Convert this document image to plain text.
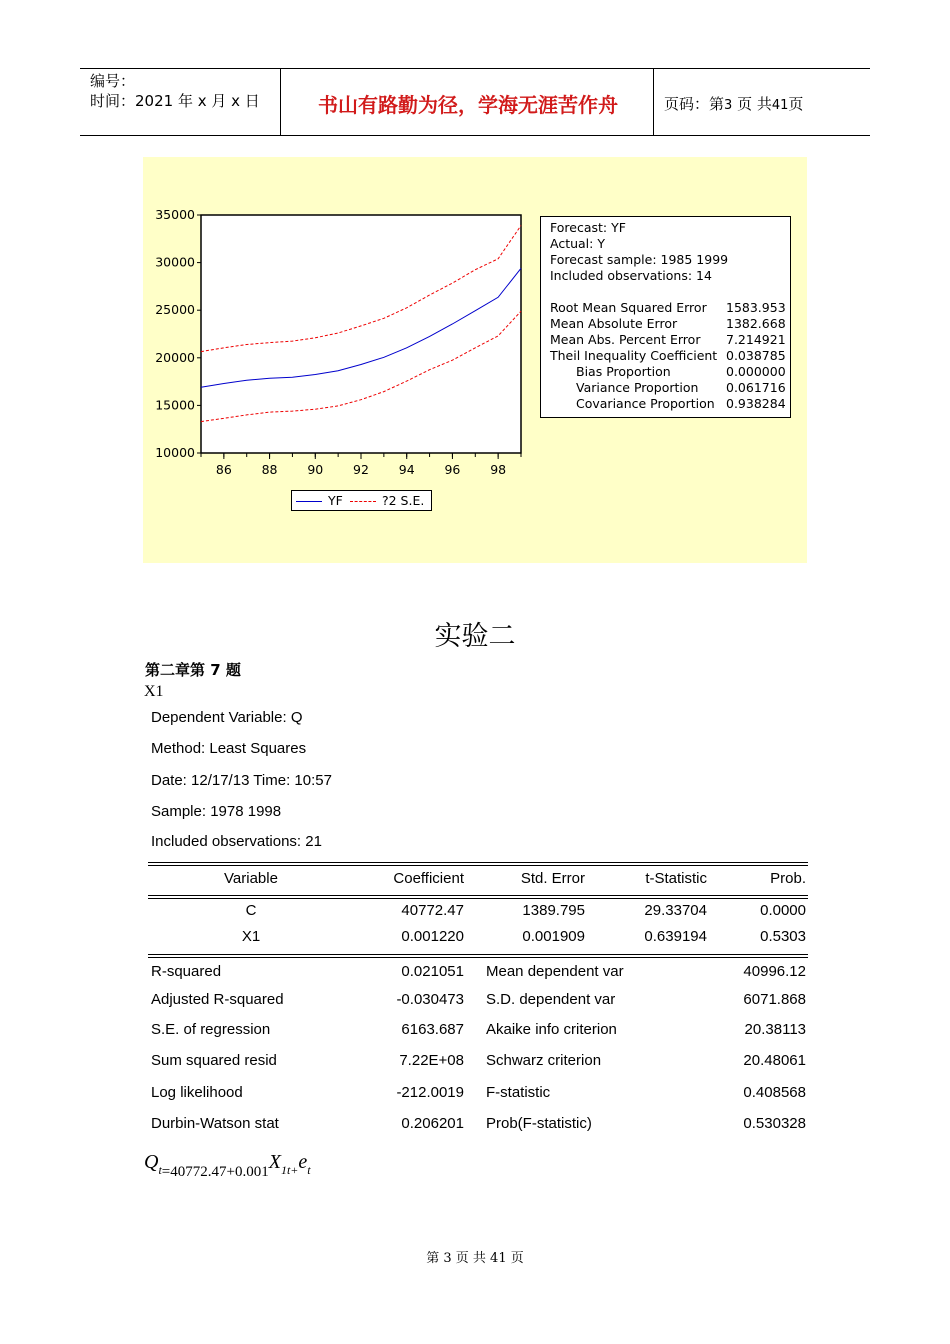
编号：
时间：2021 年 x 月 x 日	书山有路勤为径，学海无涯苦作舟	页码：第3 页 共41页
10000
15000
20000
25000
30000
35000
86 88 90 92 94 96 98
Forecast: YF
Actual: Y
Forecast sample: 1985 1999
Included observations: 14
Root Mean Squared Error 1583.953
Mean Absolute Error	1382.668
Mean Abs. Percent Error 7.214921
Theil Inequality Coefficient 0.038785
Bias Proportion	0.000000
Variance Proportion 0.061716
Covariance Proportion 0.938284
YF	?2 S.E.
实验二
第二章第 7 题
X1
Dependent Variable: Q
Method: Least Squares
Date: 12/17/13 Time: 10:57
Sample: 1978 1998
Included observations: 21
Variable	Coefficient	Std. Error	t-Statistic	Prob.
C	40772.47	1389.795	29.33704	0.0000
X1	0.001220	0.001909	0.639194	0.5303
R-squared	0.021051 Mean dependent var	40996.12
Adjusted R-squared	-0.030473 S.D. dependent var	6071.868
S.E. of regression	6163.687 Akaike info criterion	20.38113
Sum squared resid	7.22E+08 Schwarz criterion	20.48061
Log likelihood	-212.0019 F-statistic	0.408568
Durbin-Watson stat	0.206201 Prob(F-statistic)	0.530328
$Q_t=40772.47+0.001X_{1t+}e_t$
第 3 页 共 41 页
